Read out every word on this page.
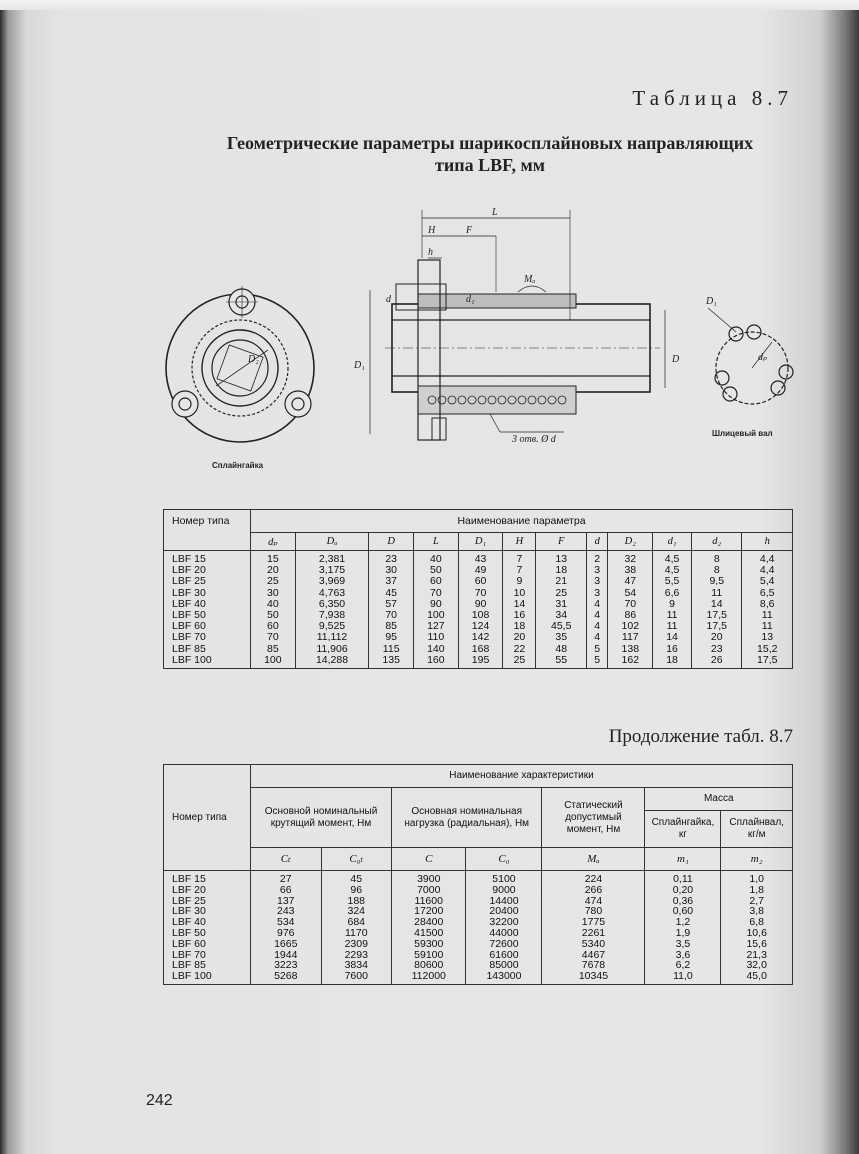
Таблица 8.7
Геометрические параметры шарикосплайновых направляющих
типа LBF, мм
D₂
Сплайнгайка
L
H	F
h
d	d₁
Mₐ
D₁
D
3 отв. Ø d
D₁
dₚ
Шлицевый вал
Номер типа	Наименование параметра											
	dₚ	Dₐ	D	L	D₁	H	F	d	D₂	d₁	d₂	h
LBF 15	15	2,381	23	40	43	7	13	2	32	4,5	8	4,4
LBF 20	20	3,175	30	50	49	7	18	3	38	4,5	8	4,4
LBF 25	25	3,969	37	60	60	9	21	3	47	5,5	9,5	5,4
LBF 30	30	4,763	45	70	70	10	25	3	54	6,6	11	6,5
LBF 40	40	6,350	57	90	90	14	31	4	70	9	14	8,6
LBF 50	50	7,938	70	100	108	16	34	4	86	11	17,5	11
LBF 60	60	9,525	85	127	124	18	45,5	4	102	11	17,5	11
LBF 70	70	11,112	95	110	142	20	35	4	117	14	20	13
LBF 85	85	11,906	115	140	168	22	48	5	138	16	23	15,2
LBF 100	100	14,288	135	160	195	25	55	5	162	18	26	17,5
Продолжение табл. 8.7
Номер типа	Наименование характеристики						
	Основной номинальный крутящий момент, Нм		Основная номинальная нагрузка (радиальная), Нм		Статический допустимый момент, Нм	Масса	
						Сплайнгайка, кг	Сплайнвал, кг/м
	Cₜ	C₀ₜ	C	C₀	Mₐ	m₁	m₂
LBF 15	27	45	3900	5100	224	0,11	1,0
LBF 20	66	96	7000	9000	266	0,20	1,8
LBF 25	137	188	11600	14400	474	0,36	2,7
LBF 30	243	324	17200	20400	780	0,60	3,8
LBF 40	534	684	28400	32200	1775	1,2	6,8
LBF 50	976	1170	41500	44000	2261	1,9	10,6
LBF 60	1665	2309	59300	72600	5340	3,5	15,6
LBF 70	1944	2293	59100	61600	4467	3,6	21,3
LBF 85	3223	3834	80600	85000	7678	6,2	32,0
LBF 100	5268	7600	112000	143000	10345	11,0	45,0
242
